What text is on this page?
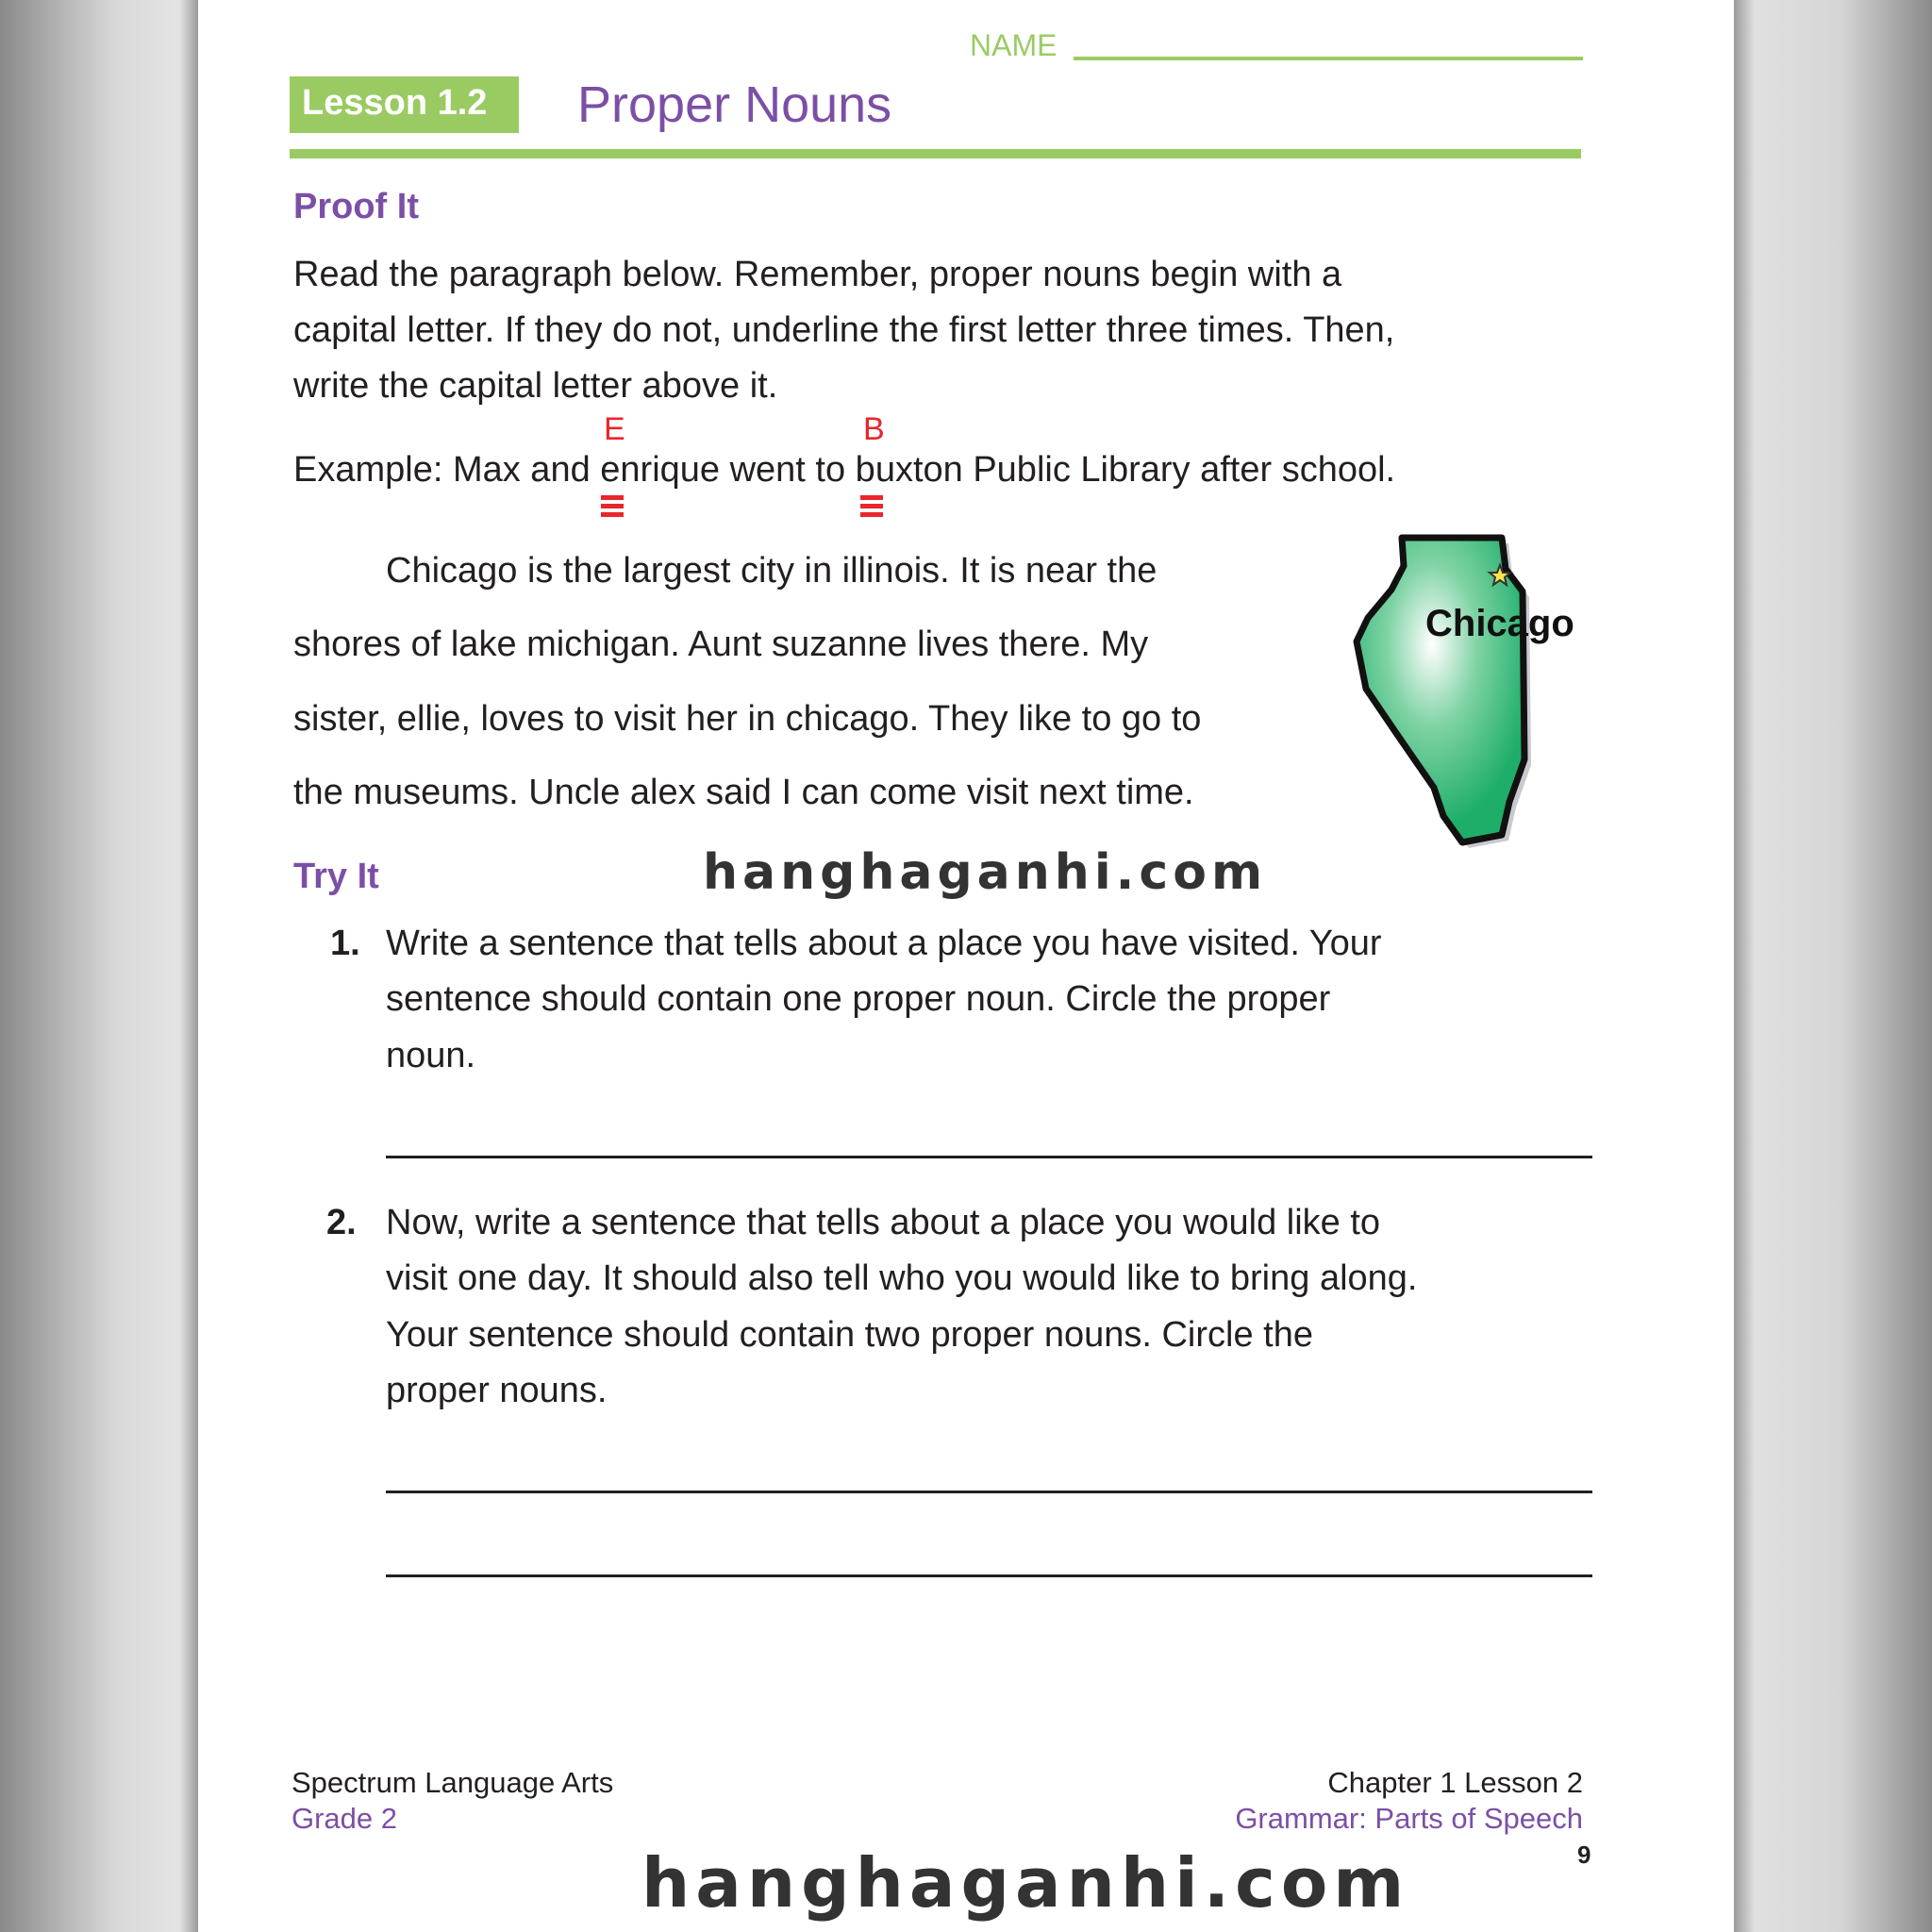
NAME
Lesson 1.2 Proper Nouns
Proof It
Read the paragraph below. Remember, proper nouns begin with a
capital letter. If they do not, underline the first letter three times. Then,
write the capital letter above it.
Example: Max and enrique went to buxton Public Library after school.
E	B
Chicago is the largest city in illinois. It is near the
shores of lake michigan. Aunt suzanne lives there. My
sister, ellie, loves to visit her in chicago. They like to go to
the museums. Uncle alex said I can come visit next time.
Chicago
Try It	hanghaganhi.com
1. Write a sentence that tells about a place you have visited. Your
sentence should contain one proper noun. Circle the proper
noun.
2. Now, write a sentence that tells about a place you would like to
visit one day. It should also tell who you would like to bring along.
Your sentence should contain two proper nouns. Circle the
proper nouns.
Spectrum Language Arts
Grade 2
Chapter 1 Lesson 2
Grammar: Parts of Speech
9
hanghaganhi.com
